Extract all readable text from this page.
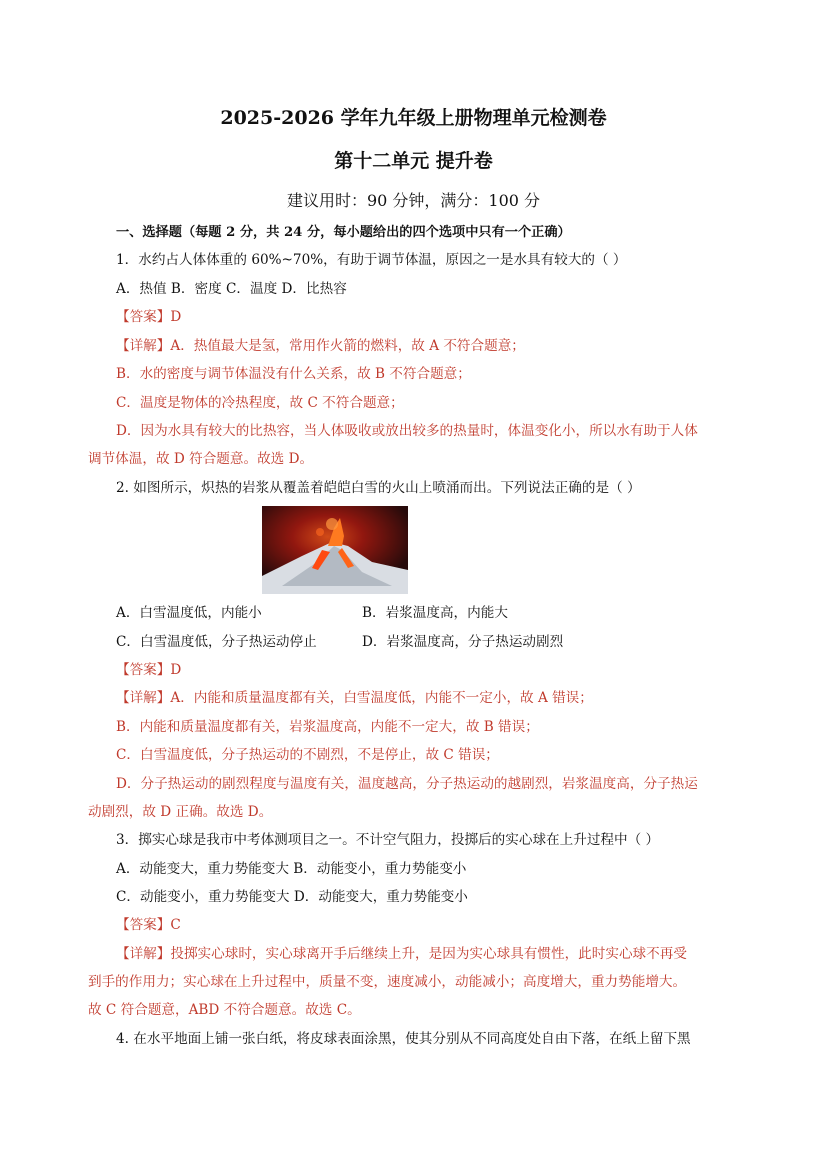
2025-2026 学年九年级上册物理单元检测卷
第十二单元 提升卷
建议用时：90 分钟，满分：100 分
一、选择题（每题 2 分，共 24 分，每小题给出的四个选项中只有一个正确）
1．水约占人体体重的 60%~70%，有助于调节体温，原因之一是水具有较大的（ ）
A．热值 B．密度 C．温度 D．比热容
【答案】D
【详解】A．热值最大是氢，常用作火箭的燃料，故 A 不符合题意；
B．水的密度与调节体温没有什么关系，故 B 不符合题意；
C．温度是物体的冷热程度，故 C 不符合题意；
D．因为水具有较大的比热容，当人体吸收或放出较多的热量时，体温变化小，所以水有助于人体
调节体温，故 D 符合题意。故选 D。
2. 如图所示，炽热的岩浆从覆盖着皑皑白雪的火山上喷涌而出。下列说法正确的是（ ）
A．白雪温度低，内能小	B．岩浆温度高，内能大
C．白雪温度低，分子热运动停止	D．岩浆温度高，分子热运动剧烈
【答案】D
【详解】A．内能和质量温度都有关，白雪温度低，内能不一定小，故 A 错误；
B．内能和质量温度都有关，岩浆温度高，内能不一定大，故 B 错误；
C．白雪温度低，分子热运动的不剧烈，不是停止，故 C 错误；
D．分子热运动的剧烈程度与温度有关，温度越高，分子热运动的越剧烈，岩浆温度高，分子热运
动剧烈，故 D 正确。故选 D。
3．掷实心球是我市中考体测项目之一。不计空气阻力，投掷后的实心球在上升过程中（ ）
A．动能变大，重力势能变大 B．动能变小，重力势能变小
C．动能变小，重力势能变大 D．动能变大，重力势能变小
【答案】C
【详解】投掷实心球时，实心球离开手后继续上升，是因为实心球具有惯性，此时实心球不再受
到手的作用力；实心球在上升过程中，质量不变，速度减小，动能减小；高度增大，重力势能增大。
故 C 符合题意，ABD 不符合题意。故选 C。
4. 在水平地面上铺一张白纸，将皮球表面涂黑，使其分别从不同高度处自由下落，在纸上留下黑
